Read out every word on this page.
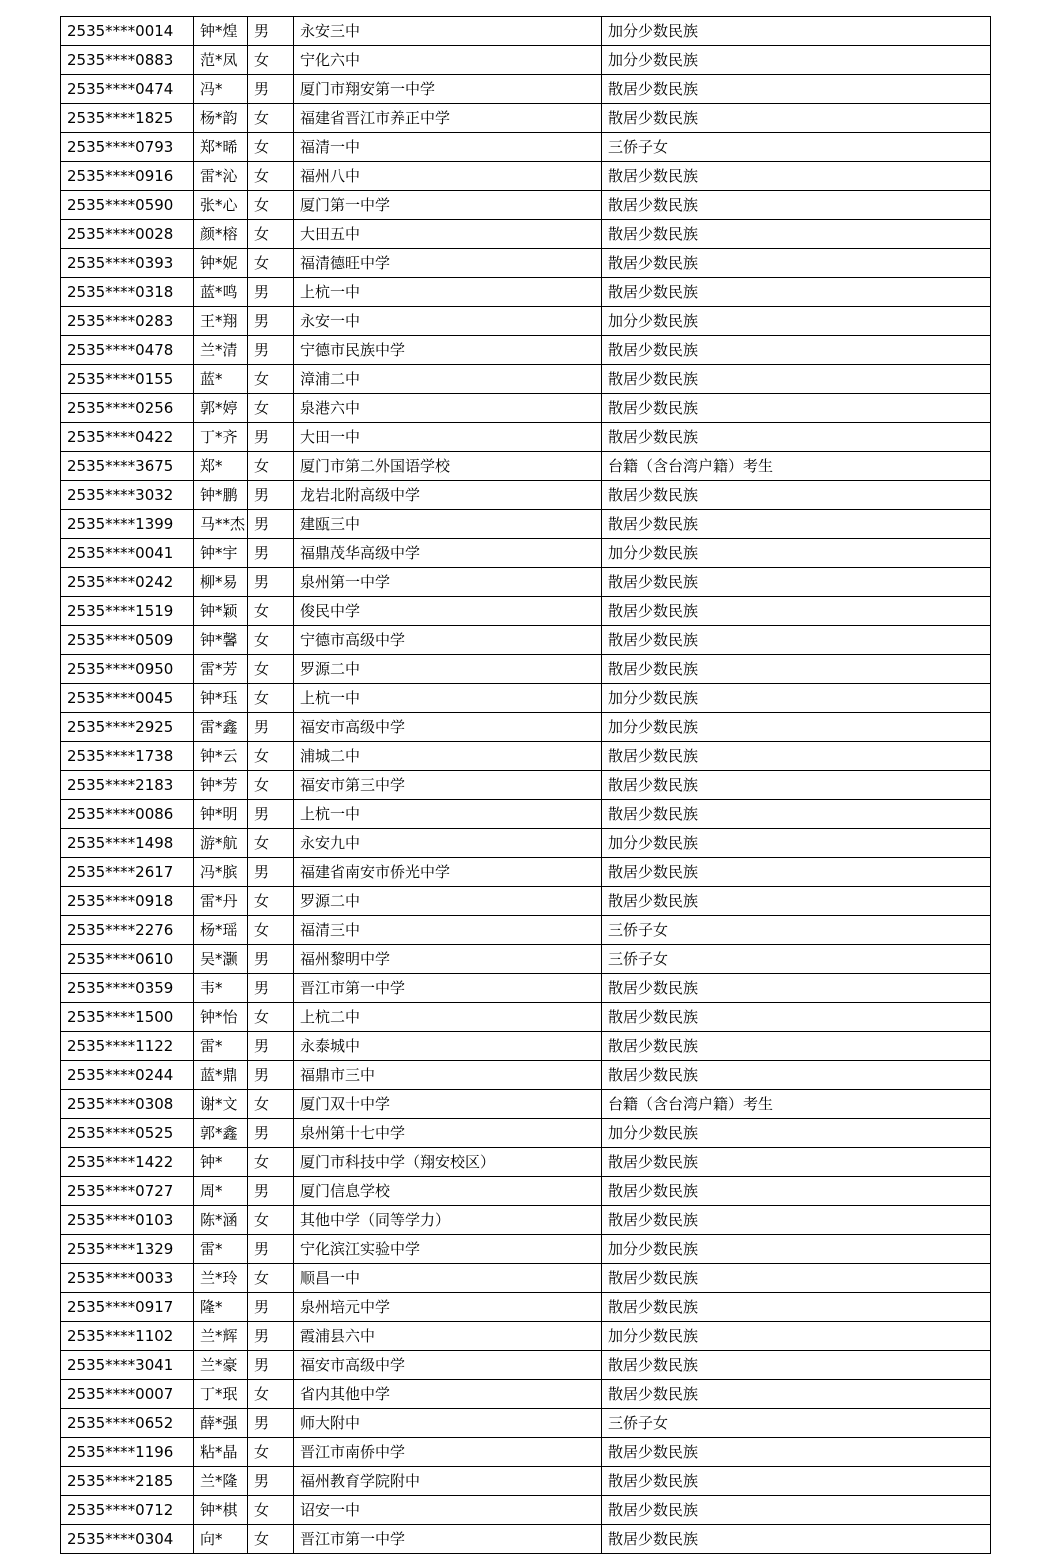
2535****0014	钟*煌	男	永安三中	加分少数民族
2535****0883	范*凤	女	宁化六中	加分少数民族
2535****0474	冯*	男	厦门市翔安第一中学	散居少数民族
2535****1825	杨*韵	女	福建省晋江市养正中学	散居少数民族
2535****0793	郑*晞	女	福清一中	三侨子女
2535****0916	雷*沁	女	福州八中	散居少数民族
2535****0590	张*心	女	厦门第一中学	散居少数民族
2535****0028	颜*榕	女	大田五中	散居少数民族
2535****0393	钟*妮	女	福清德旺中学	散居少数民族
2535****0318	蓝*鸣	男	上杭一中	散居少数民族
2535****0283	王*翔	男	永安一中	加分少数民族
2535****0478	兰*清	男	宁德市民族中学	散居少数民族
2535****0155	蓝*	女	漳浦二中	散居少数民族
2535****0256	郭*婷	女	泉港六中	散居少数民族
2535****0422	丁*齐	男	大田一中	散居少数民族
2535****3675	郑*	女	厦门市第二外国语学校	台籍（含台湾户籍）考生
2535****3032	钟*鹏	男	龙岩北附高级中学	散居少数民族
2535****1399	马**杰	男	建瓯三中	散居少数民族
2535****0041	钟*宇	男	福鼎茂华高级中学	加分少数民族
2535****0242	柳*易	男	泉州第一中学	散居少数民族
2535****1519	钟*颖	女	俊民中学	散居少数民族
2535****0509	钟*馨	女	宁德市高级中学	散居少数民族
2535****0950	雷*芳	女	罗源二中	散居少数民族
2535****0045	钟*珏	女	上杭一中	加分少数民族
2535****2925	雷*鑫	男	福安市高级中学	加分少数民族
2535****1738	钟*云	女	浦城二中	散居少数民族
2535****2183	钟*芳	女	福安市第三中学	散居少数民族
2535****0086	钟*明	男	上杭一中	散居少数民族
2535****1498	游*航	女	永安九中	加分少数民族
2535****2617	冯*膑	男	福建省南安市侨光中学	散居少数民族
2535****0918	雷*丹	女	罗源二中	散居少数民族
2535****2276	杨*瑶	女	福清三中	三侨子女
2535****0610	吴*灏	男	福州黎明中学	三侨子女
2535****0359	韦*	男	晋江市第一中学	散居少数民族
2535****1500	钟*怡	女	上杭二中	散居少数民族
2535****1122	雷*	男	永泰城中	散居少数民族
2535****0244	蓝*鼎	男	福鼎市三中	散居少数民族
2535****0308	谢*文	女	厦门双十中学	台籍（含台湾户籍）考生
2535****0525	郭*鑫	男	泉州第十七中学	加分少数民族
2535****1422	钟*	女	厦门市科技中学（翔安校区）	散居少数民族
2535****0727	周*	男	厦门信息学校	散居少数民族
2535****0103	陈*涵	女	其他中学（同等学力）	散居少数民族
2535****1329	雷*	男	宁化滨江实验中学	加分少数民族
2535****0033	兰*玲	女	顺昌一中	散居少数民族
2535****0917	隆*	男	泉州培元中学	散居少数民族
2535****1102	兰*辉	男	霞浦县六中	加分少数民族
2535****3041	兰*豪	男	福安市高级中学	散居少数民族
2535****0007	丁*珉	女	省内其他中学	散居少数民族
2535****0652	薛*强	男	师大附中	三侨子女
2535****1196	粘*晶	女	晋江市南侨中学	散居少数民族
2535****2185	兰*隆	男	福州教育学院附中	散居少数民族
2535****0712	钟*棋	女	诏安一中	散居少数民族
2535****0304	向*	女	晋江市第一中学	散居少数民族
